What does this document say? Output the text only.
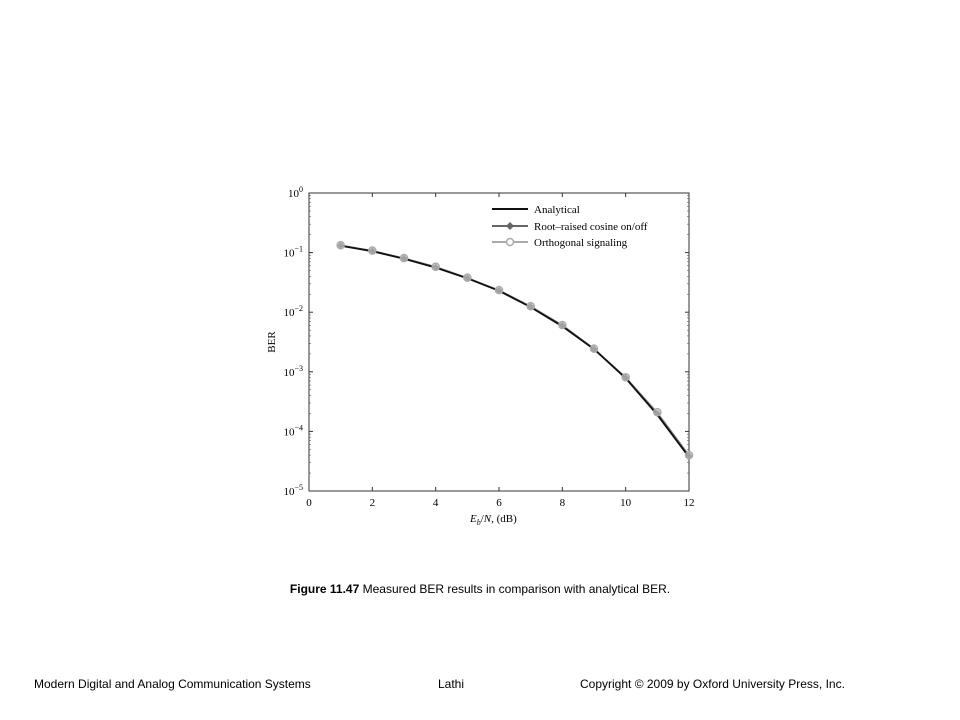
0	2	4	6	8	10	12
$10^0$
$10^{-1}$
$10^{-2}$
$10^{-3}$
$10^{-4}$
$10^{-5}$
Analytical
Root–raised cosine on/off
Orthogonal signaling
BER
$E_b/N$, (dB)
Figure 11.47 Measured BER results in comparison with analytical BER.
Modern Digital and Analog Communication Systems	Lathi	Copyright © 2009 by Oxford University Press, Inc.
